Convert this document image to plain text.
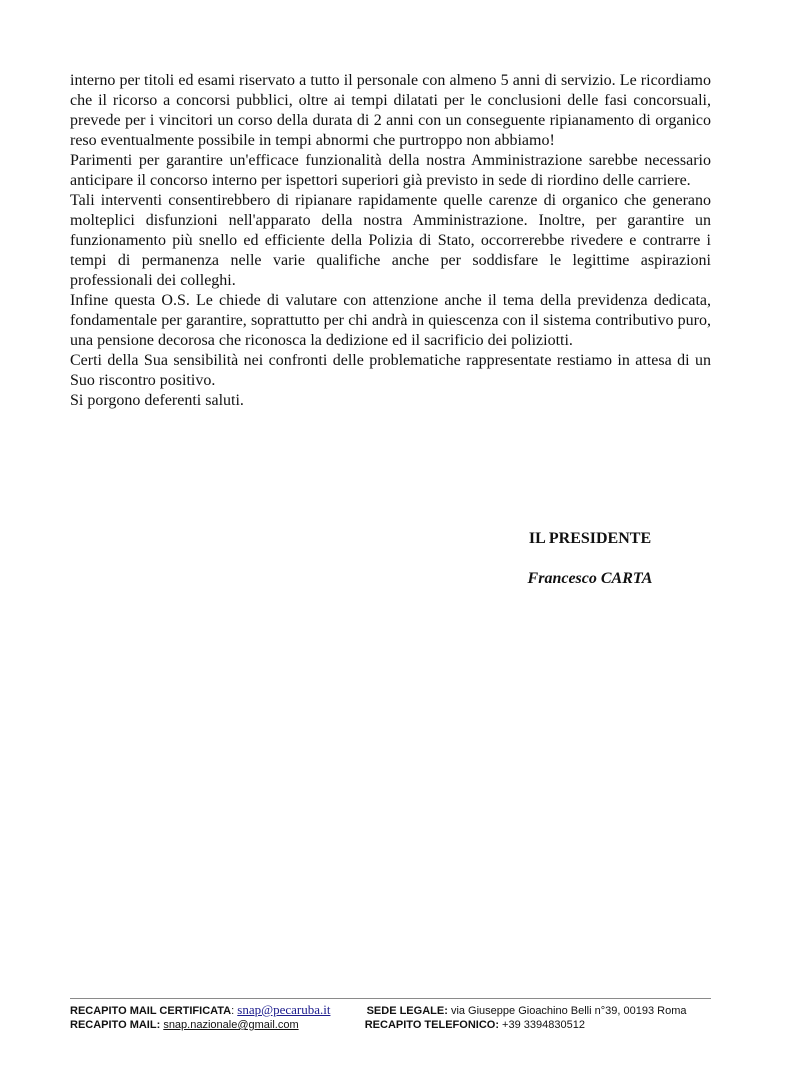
interno per titoli ed esami riservato a tutto il personale con almeno 5 anni di servizio. Le ricordiamo che il ricorso a concorsi pubblici, oltre ai tempi dilatati per le conclusioni delle fasi concorsuali, prevede per i vincitori un corso della durata di 2 anni con un conseguente ripianamento di organico reso eventualmente possibile in tempi abnormi che purtroppo non abbiamo!

Parimenti per garantire un'efficace funzionalità della nostra Amministrazione sarebbe necessario anticipare il concorso interno per ispettori superiori già previsto in sede di riordino delle carriere.

Tali interventi consentirebbero di ripianare rapidamente quelle carenze di organico che generano molteplici disfunzioni nell'apparato della nostra Amministrazione. Inoltre, per garantire un funzionamento più snello ed efficiente della Polizia di Stato, occorrerebbe rivedere e contrarre i tempi di permanenza nelle varie qualifiche anche per soddisfare le legittime aspirazioni professionali dei colleghi.

Infine questa O.S. Le chiede di valutare con attenzione anche il tema della previdenza dedicata, fondamentale per garantire, soprattutto per chi andrà in quiescenza con il sistema contributivo puro, una pensione decorosa che riconosca la dedizione ed il sacrificio dei poliziotti.

Certi della Sua sensibilità nei confronti delle problematiche rappresentate restiamo in attesa di un Suo riscontro positivo.

Si porgono deferenti saluti.

IL PRESIDENTE
Francesco CARTA
RECAPITO MAIL CERTIFICATA: snap@pecaruba.it	SEDE LEGALE: via Giuseppe Gioachino Belli n°39, 00193 Roma
RECAPITO MAIL: snap.nazionale@gmail.com	RECAPITO TELEFONICO: +39 3394830512
